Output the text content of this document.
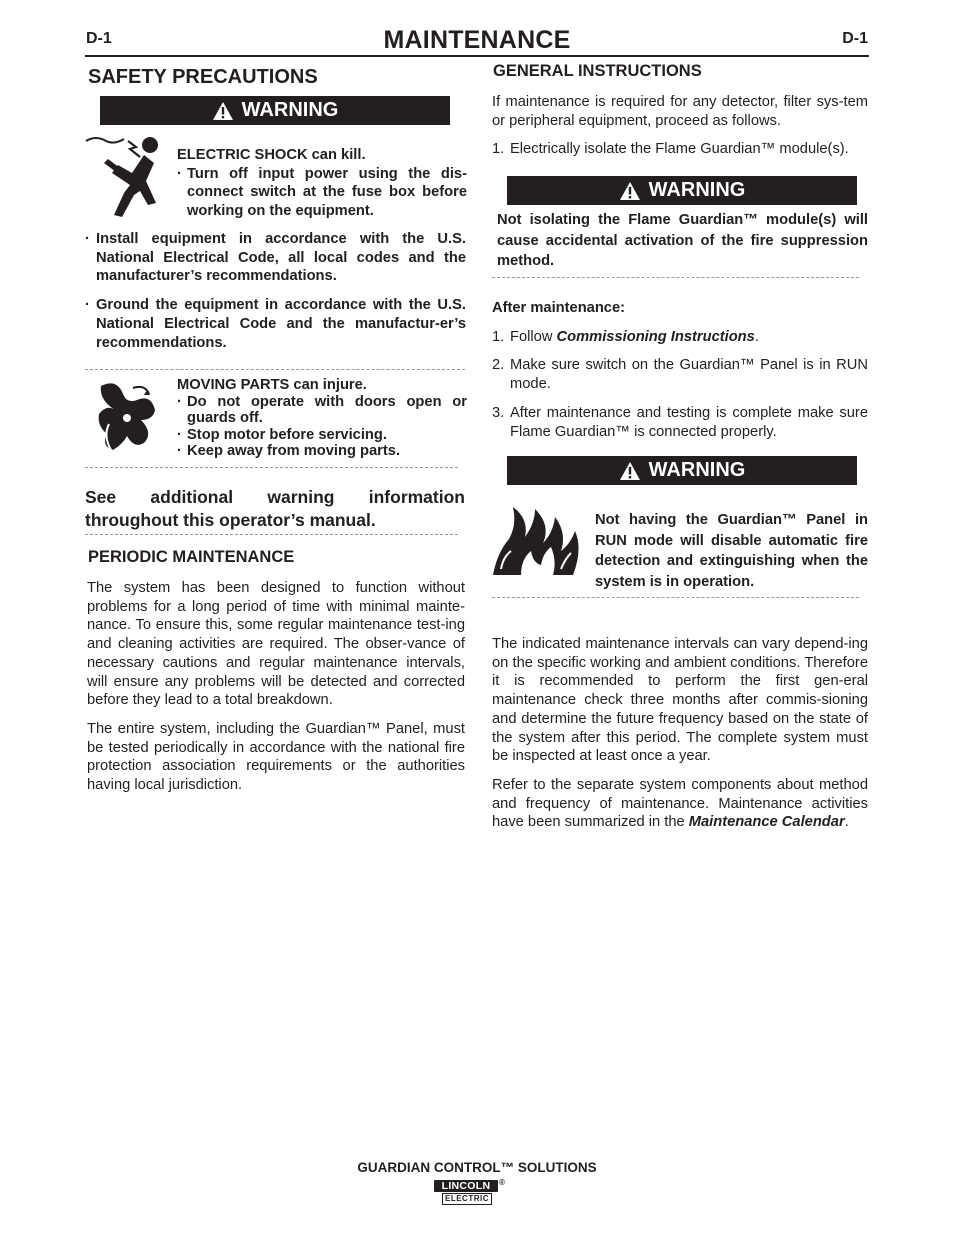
D-1	D-1
MAINTENANCE
SAFETY PRECAUTIONS
WARNING
ELECTRIC SHOCK can kill.
· Turn off input power using the dis-connect switch at the fuse box before working on the equipment.
· Install equipment in accordance with the U.S. National Electrical Code, all local codes and the manufacturer’s recommendations.
· Ground the equipment in accordance with the U.S. National Electrical Code and the manufactur-er’s recommendations.
MOVING PARTS can injure.
· Do not operate with doors open or guards off.
· Stop motor before servicing.
· Keep away from moving parts.
See additional warning information throughout this operator’s manual.
PERIODIC MAINTENANCE
The system has been designed to function without problems for a long period of time with minimal mainte-nance. To ensure this, some regular maintenance test-ing and cleaning activities are required. The obser-vance of necessary cautions and regular maintenance intervals, will ensure any problems will be detected and corrected before they lead to a total breakdown.
The entire system, including the Guardian™ Panel, must be tested periodically in accordance with the national fire protection association requirements or the authorities having local jurisdiction.
GENERAL INSTRUCTIONS
If maintenance is required for any detector, filter sys-tem or peripheral equipment, proceed as follows.
1. Electrically isolate the Flame Guardian™ module(s).
WARNING
Not isolating the Flame Guardian™ module(s) will cause accidental activation of the fire suppression method.
After maintenance:
1. Follow Commissioning Instructions.
2. Make sure switch on the Guardian™ Panel is in RUN mode.
3. After maintenance and testing is complete make sure Flame Guardian™ is connected properly.
WARNING
Not having the Guardian™ Panel in RUN mode will disable automatic fire detection and extinguishing when the system is in operation.
The indicated maintenance intervals can vary depend-ing on the specific working and ambient conditions. Therefore it is recommended to perform the first gen-eral maintenance check three months after commis-sioning and determine the future frequency based on the state of the system after this period. The complete system must be inspected at least once a year.
Refer to the separate system components about method and frequency of maintenance. Maintenance activities have been summarized in the Maintenance Calendar.
GUARDIAN CONTROL™ SOLUTIONS
LINCOLN
ELECTRIC
®
